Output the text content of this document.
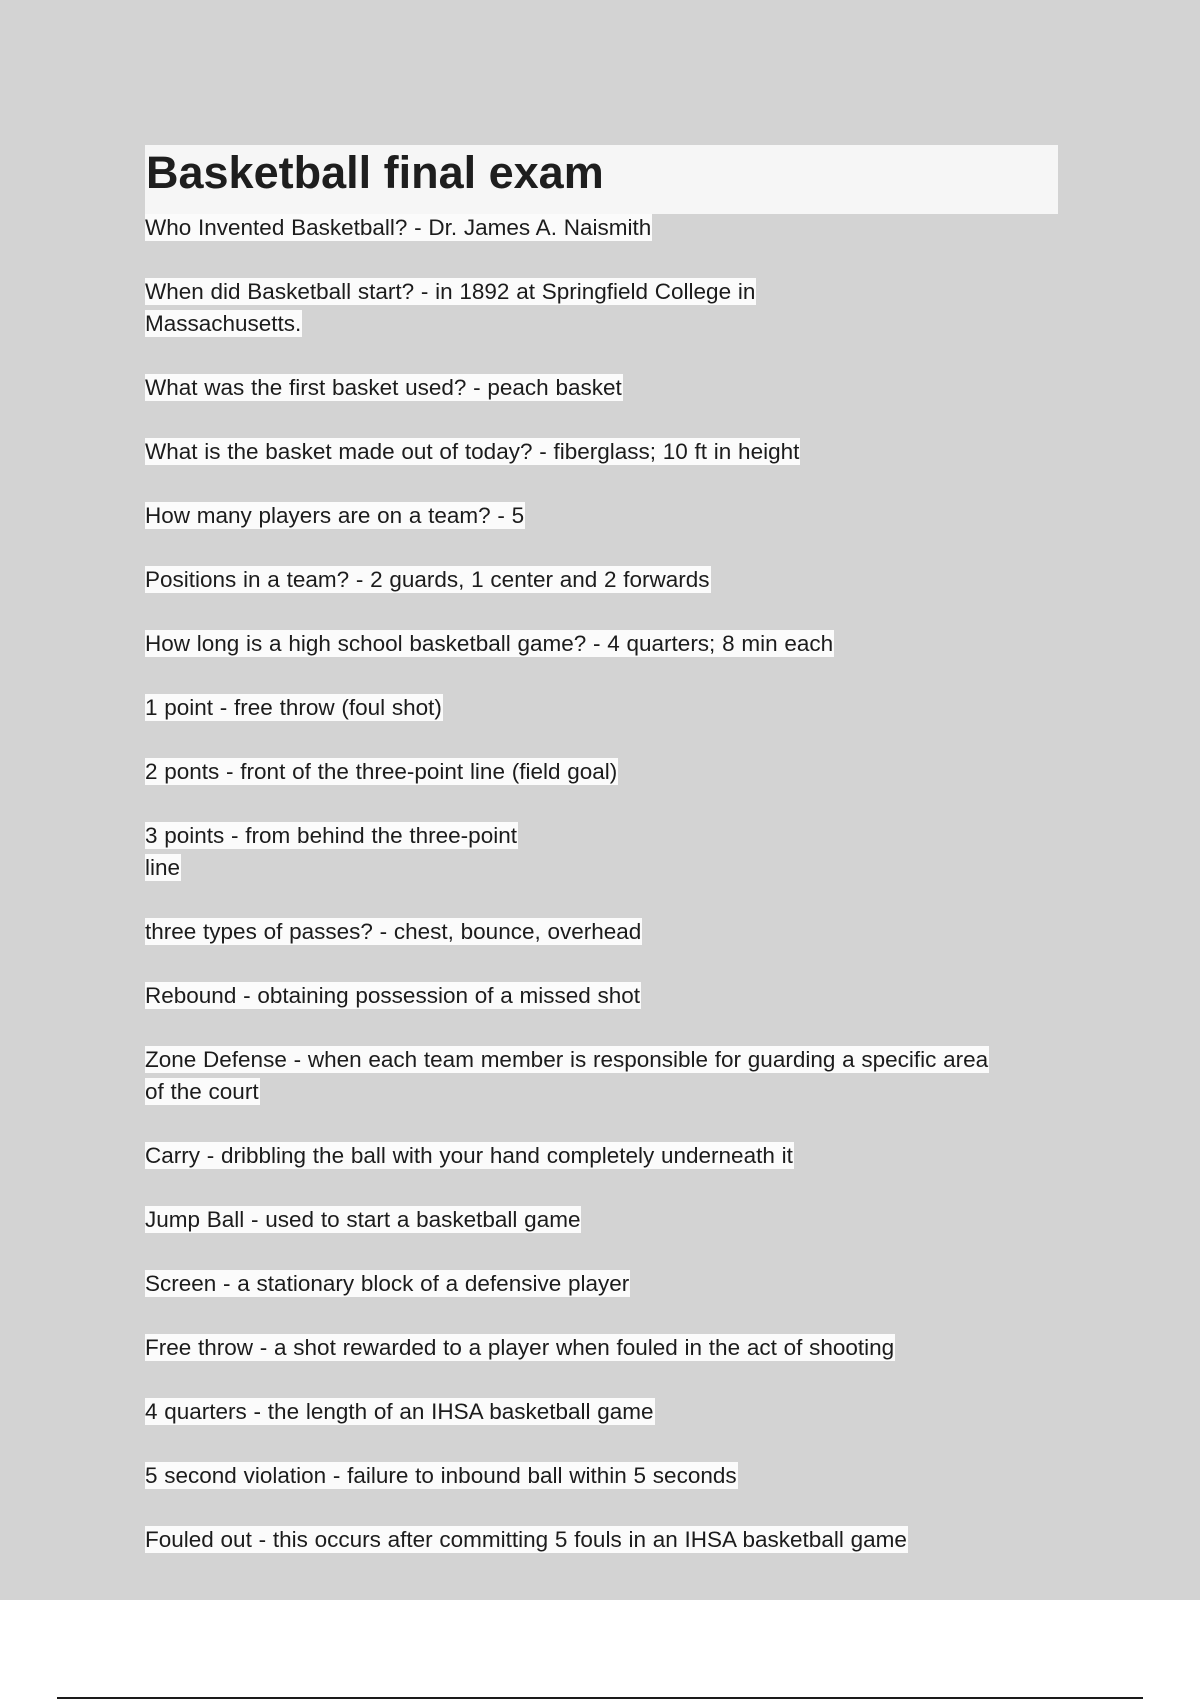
Basketball final exam
Who Invented Basketball? - Dr. James A. Naismith
When did Basketball start? - in 1892 at Springfield College in
Massachusetts.
What was the first basket used? - peach basket
What is the basket made out of today? - fiberglass; 10 ft in height
How many players are on a team? - 5
Positions in a team? - 2 guards, 1 center and 2 forwards
How long is a high school basketball game? - 4 quarters; 8 min each
1 point - free throw (foul shot)
2 ponts - front of the three-point line (field goal)
3 points - from behind the three-point
line
three types of passes? - chest, bounce, overhead
Rebound - obtaining possession of a missed shot
Zone Defense - when each team member is responsible for guarding a specific area
of the court
Carry - dribbling the ball with your hand completely underneath it
Jump Ball - used to start a basketball game
Screen - a stationary block of a defensive player
Free throw - a shot rewarded to a player when fouled in the act of shooting
4 quarters - the length of an IHSA basketball game
5 second violation - failure to inbound ball within 5 seconds
Fouled out - this occurs after committing 5 fouls in an IHSA basketball game
